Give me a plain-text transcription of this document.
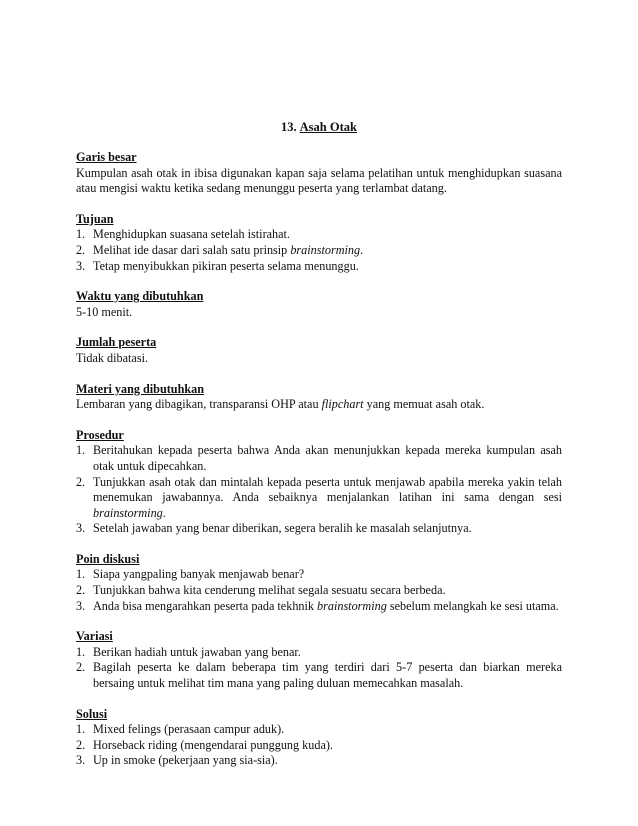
13. Asah Otak
Garis besar
Kumpulan asah otak in ibisa digunakan kapan saja selama pelatihan untuk menghidupkan suasana atau mengisi waktu ketika sedang menunggu peserta yang terlambat datang.
Tujuan
1. Menghidupkan suasana setelah istirahat.
2. Melihat ide dasar dari salah satu prinsip brainstorming.
3. Tetap menyibukkan pikiran peserta selama menunggu.
Waktu yang dibutuhkan
5-10 menit.
Jumlah peserta
Tidak dibatasi.
Materi yang dibutuhkan
Lembaran yang dibagikan, transparansi OHP atau flipchart yang memuat asah otak.
Prosedur
1. Beritahukan kepada peserta bahwa Anda akan menunjukkan kepada mereka kumpulan asah otak untuk dipecahkan.
2. Tunjukkan asah otak dan mintalah kepada peserta untuk menjawab apabila mereka yakin telah menemukan jawabannya. Anda sebaiknya menjalankan latihan ini sama dengan sesi brainstorming.
3. Setelah jawaban yang benar diberikan, segera beralih ke masalah selanjutnya.
Poin diskusi
1. Siapa yangpaling banyak menjawab benar?
2. Tunjukkan bahwa kita cenderung melihat segala sesuatu secara berbeda.
3. Anda bisa mengarahkan peserta pada tekhnik brainstorming sebelum melangkah ke sesi utama.
Variasi
1. Berikan hadiah untuk jawaban yang benar.
2. Bagilah peserta ke dalam beberapa tim yang terdiri dari 5-7 peserta dan biarkan mereka bersaing untuk melihat tim mana yang paling duluan memecahkan masalah.
Solusi
1. Mixed felings (perasaan campur aduk).
2. Horseback riding (mengendarai punggung kuda).
3. Up in smoke (pekerjaan yang sia-sia).
